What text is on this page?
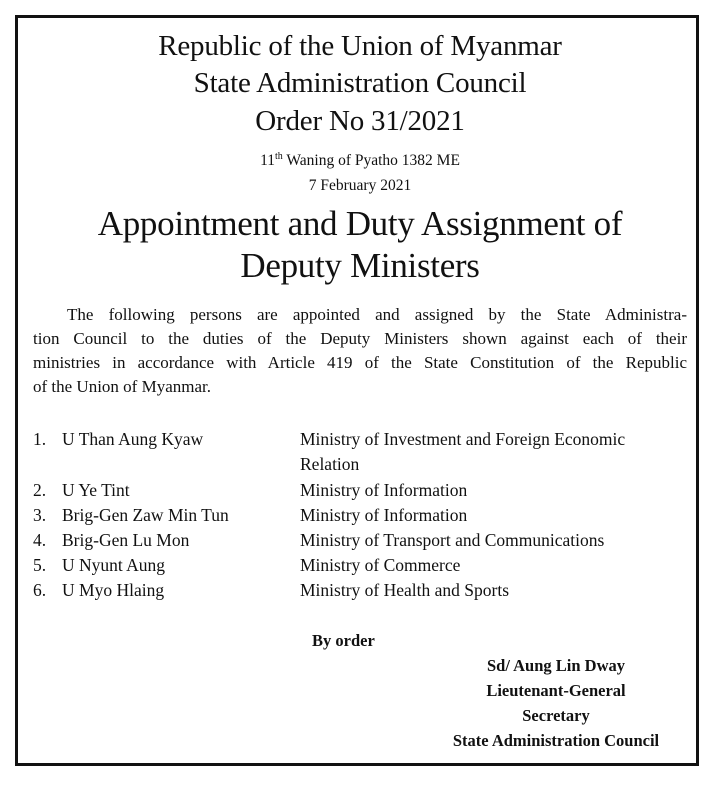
Republic of the Union of Myanmar
State Administration Council
Order No 31/2021
11th Waning of Pyatho 1382 ME
7 February 2021
Appointment and Duty Assignment of
Deputy Ministers
The following persons are appointed and assigned by the State Administra-
tion Council to the duties of the Deputy Ministers shown against each of their
ministries in accordance with Article 419 of the State Constitution of the Republic
of the Union of Myanmar.
1. U Than Aung Kyaw	Ministry of Investment and Foreign Economic
Relation
2. U Ye Tint	Ministry of Information
3. Brig-Gen Zaw Min Tun	Ministry of Information
4. Brig-Gen Lu Mon	Ministry of Transport and Communications
5. U Nyunt Aung	Ministry of Commerce
6. U Myo Hlaing	Ministry of Health and Sports
By order
Sd/ Aung Lin Dway
Lieutenant-General
Secretary
State Administration Council
